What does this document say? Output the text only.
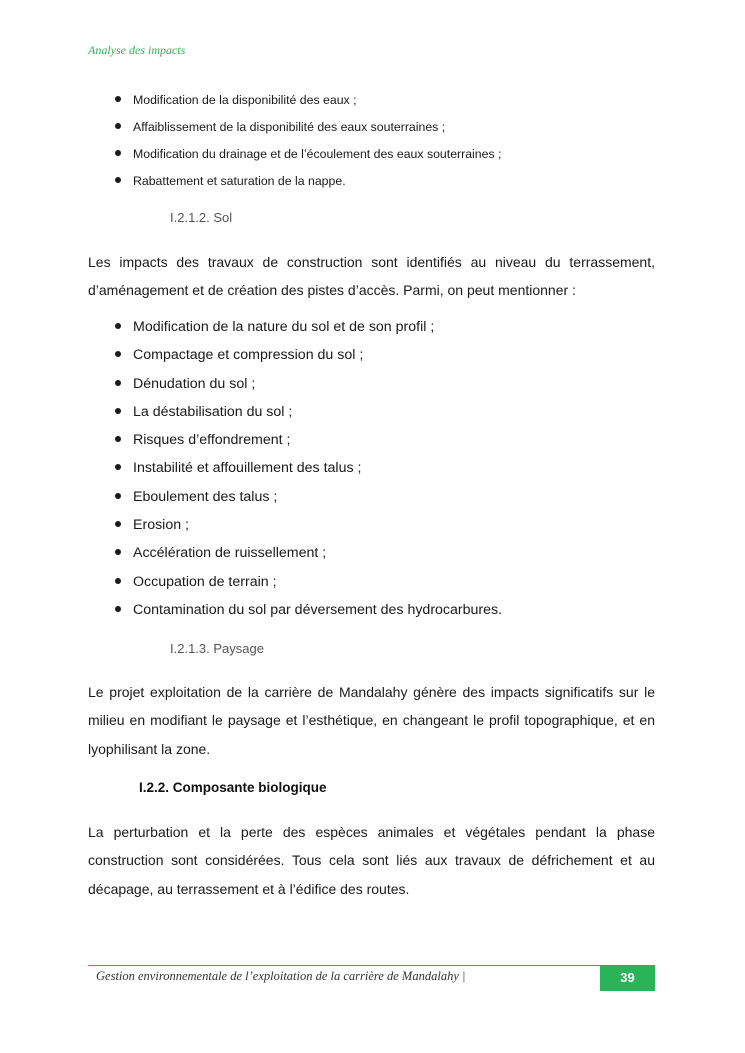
Analyse des impacts
Modification de la disponibilité des eaux ;
Affaiblissement de la disponibilité des eaux souterraines ;
Modification du drainage et de l’écoulement des eaux souterraines ;
Rabattement et saturation de la nappe.
I.2.1.2. Sol
Les impacts des travaux de construction sont identifiés au niveau du terrassement, d’aménagement et de création des pistes d’accès. Parmi, on peut mentionner :
Modification de la nature du sol et de son profil ;
Compactage et compression du sol ;
Dénudation du sol ;
La déstabilisation du sol ;
Risques d’effondrement ;
Instabilité et affouillement des talus ;
Eboulement des talus ;
Erosion ;
Accélération de ruissellement ;
Occupation de terrain ;
Contamination du sol par déversement des hydrocarbures.
I.2.1.3. Paysage
Le projet exploitation de la carrière de Mandalahy génère des impacts significatifs sur le milieu en modifiant le paysage et l’esthétique, en changeant le profil topographique, et en lyophilisant la zone.
I.2.2. Composante biologique
La perturbation et la perte des espèces animales et végétales pendant la phase construction sont considérées. Tous cela sont liés aux travaux de défrichement et au décapage, au terrassement et à l’édifice des routes.
Gestion environnementale de l’exploitation de la carrière de Mandalahy |	39
